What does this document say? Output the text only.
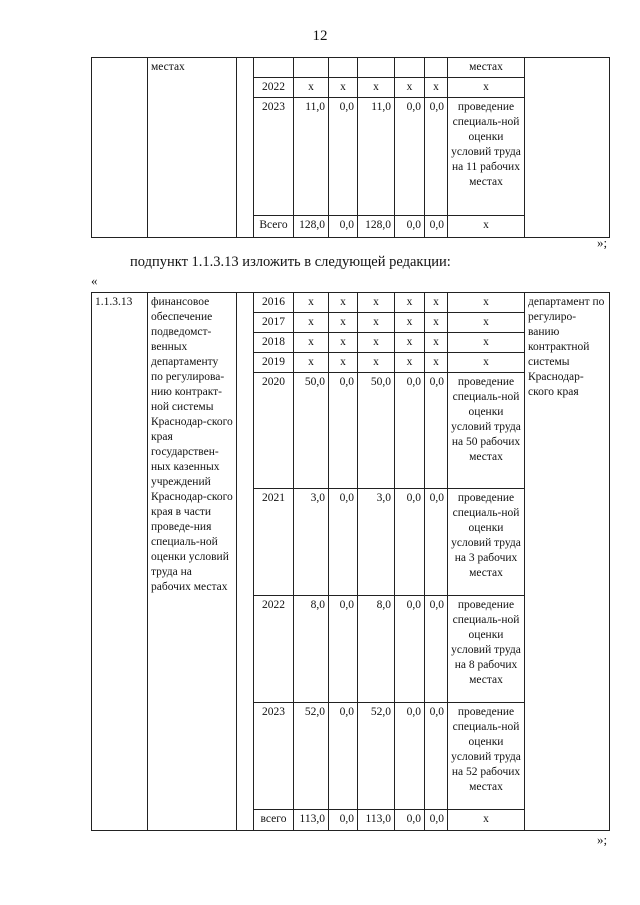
12
	местах								местах	
			2022	х	х	х	х	х	х	
			2023	11,0	0,0	11,0	0,0	0,0	проведение специаль-ной оценки условий труда на 11 рабочих местах	
			Всего	128,0	0,0	128,0	0,0	0,0	х	
»;
подпункт 1.1.3.13 изложить в следующей редакции:
«
1.1.3.13	финансовое обеспечение подведомст-венных департаменту по регулирова-нию контракт-ной системы Краснодар-ского края государствен-ных казенных учреждений Краснодар-ского края в части проведе-ния специаль-ной оценки условий труда на рабочих местах		2016	х	х	х	х	х	х	департамент по регулиро-ванию контрактной системы Краснодар-ского края
			2017	х	х	х	х	х	х	
			2018	х	х	х	х	х	х	
			2019	х	х	х	х	х	х	
			2020	50,0	0,0	50,0	0,0	0,0	проведение специаль-ной оценки условий труда на 50 рабочих местах	
			2021	3,0	0,0	3,0	0,0	0,0	проведение специаль-ной оценки условий труда на 3 рабочих местах	
			2022	8,0	0,0	8,0	0,0	0,0	проведение специаль-ной оценки условий труда на 8 рабочих местах	
			2023	52,0	0,0	52,0	0,0	0,0	проведение специаль-ной оценки условий труда на 52 рабочих местах	
			всего	113,0	0,0	113,0	0,0	0,0	х	
»;
